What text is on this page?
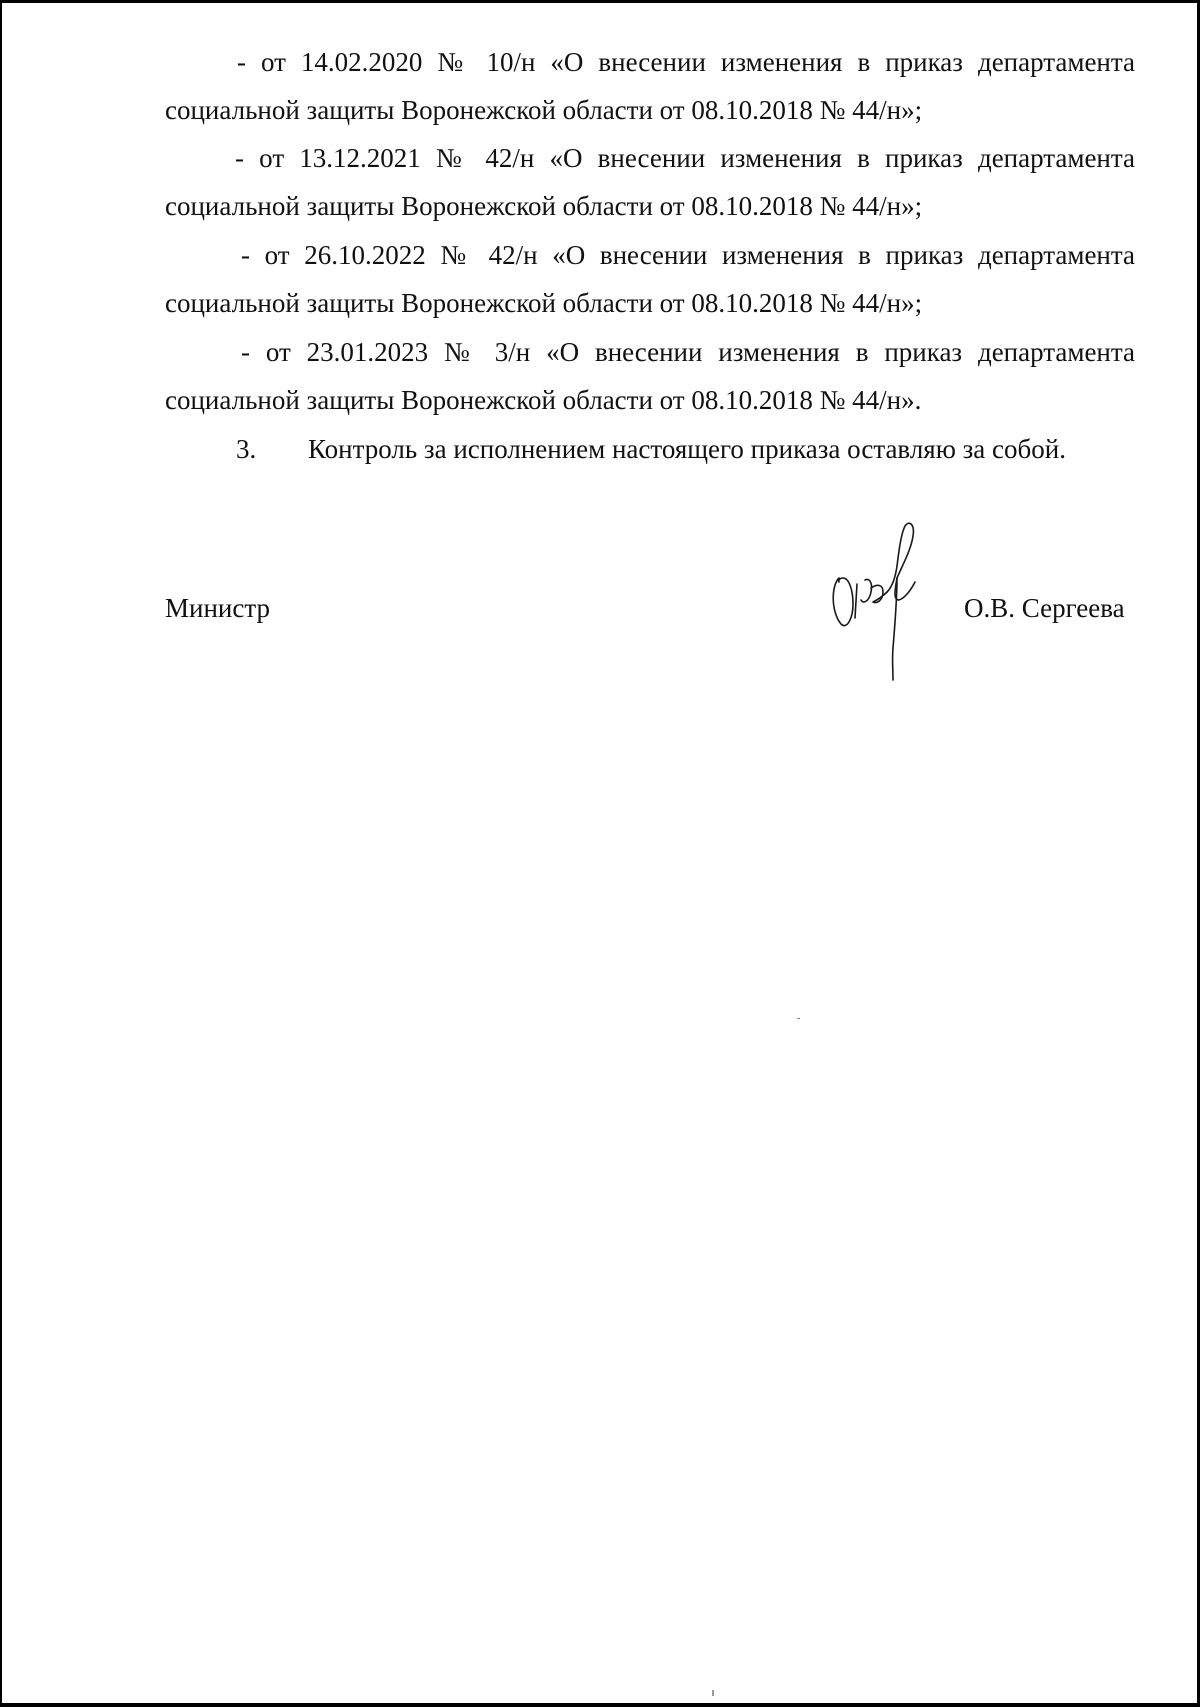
- от 14.02.2020 № 10/н «О внесении изменения в приказ департамента
социальной защиты Воронежской области от 08.10.2018 № 44/н»;
- от 13.12.2021 № 42/н «О внесении изменения в приказ департамента
социальной защиты Воронежской области от 08.10.2018 № 44/н»;
- от 26.10.2022 № 42/н «О внесении изменения в приказ департамента
социальной защиты Воронежской области от 08.10.2018 № 44/н»;
- от 23.01.2023 № 3/н «О внесении изменения в приказ департамента
социальной защиты Воронежской области от 08.10.2018 № 44/н».
3. Контроль за исполнением настоящего приказа оставляю за собой.
Министр	О.В. Сергеева
